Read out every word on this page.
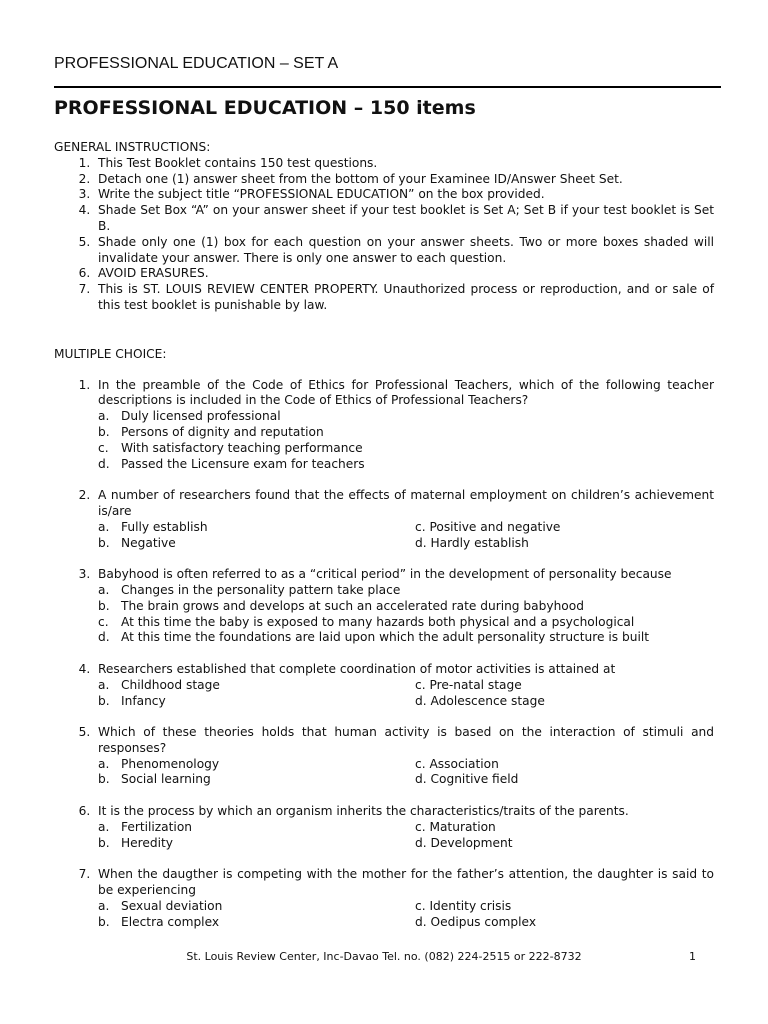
PROFESSIONAL EDUCATION – SET A
PROFESSIONAL EDUCATION – 150 items
GENERAL INSTRUCTIONS:
1. This Test Booklet contains 150 test questions.
2. Detach one (1) answer sheet from the bottom of your Examinee ID/Answer Sheet Set.
3. Write the subject title “PROFESSIONAL EDUCATION” on the box provided.
4. Shade Set Box “A” on your answer sheet if your test booklet is Set A; Set B if your test booklet is Set B.
5. Shade only one (1) box for each question on your answer sheets. Two or more boxes shaded will invalidate your answer. There is only one answer to each question.
6. AVOID ERASURES.
7. This is ST. LOUIS REVIEW CENTER PROPERTY. Unauthorized process or reproduction, and or sale of this test booklet is punishable by law.
MULTIPLE CHOICE:
1. In the preamble of the Code of Ethics for Professional Teachers, which of the following teacher descriptions is included in the Code of Ethics of Professional Teachers?
a. Duly licensed professional
b. Persons of dignity and reputation
c.	With satisfactory teaching performance
d. Passed the Licensure exam for teachers
2. A number of researchers found that the effects of maternal employment on children’s achievement is/are
a. Fully establish	c.
Positive and negative
b. Negative	d.
Hardly establish
3. Babyhood is often referred to as a “critical period” in the development of personality because
a. Changes in the personality pattern take place
b. The brain grows and develops at such an accelerated rate during babyhood
c.	At this time the baby is exposed to many hazards both physical and a psychological
d. At this time the foundations are laid upon which the adult personality structure is built
4. Researchers established that complete coordination of motor activities is attained at
a. Childhood stage	c.
Pre-natal stage
b. Infancy	d.
Adolescence stage
5. Which of these theories holds that human activity is based on the interaction of stimuli and responses?
a. Phenomenology	c.
Association
b. Social learning	d.
Cognitive field
6. It is the process by which an organism inherits the characteristics/traits of the parents.
a. Fertilization	c.
Maturation
b. Heredity	d.
Development
7. When the daugther is competing with the mother for the father’s attention, the daughter is said to be experiencing
a. Sexual deviation	c.
Identity crisis
b. Electra complex	d.
Oedipus complex
St. Louis Review Center, Inc-Davao Tel. no. (082) 224-2515 or 222-8732	1
